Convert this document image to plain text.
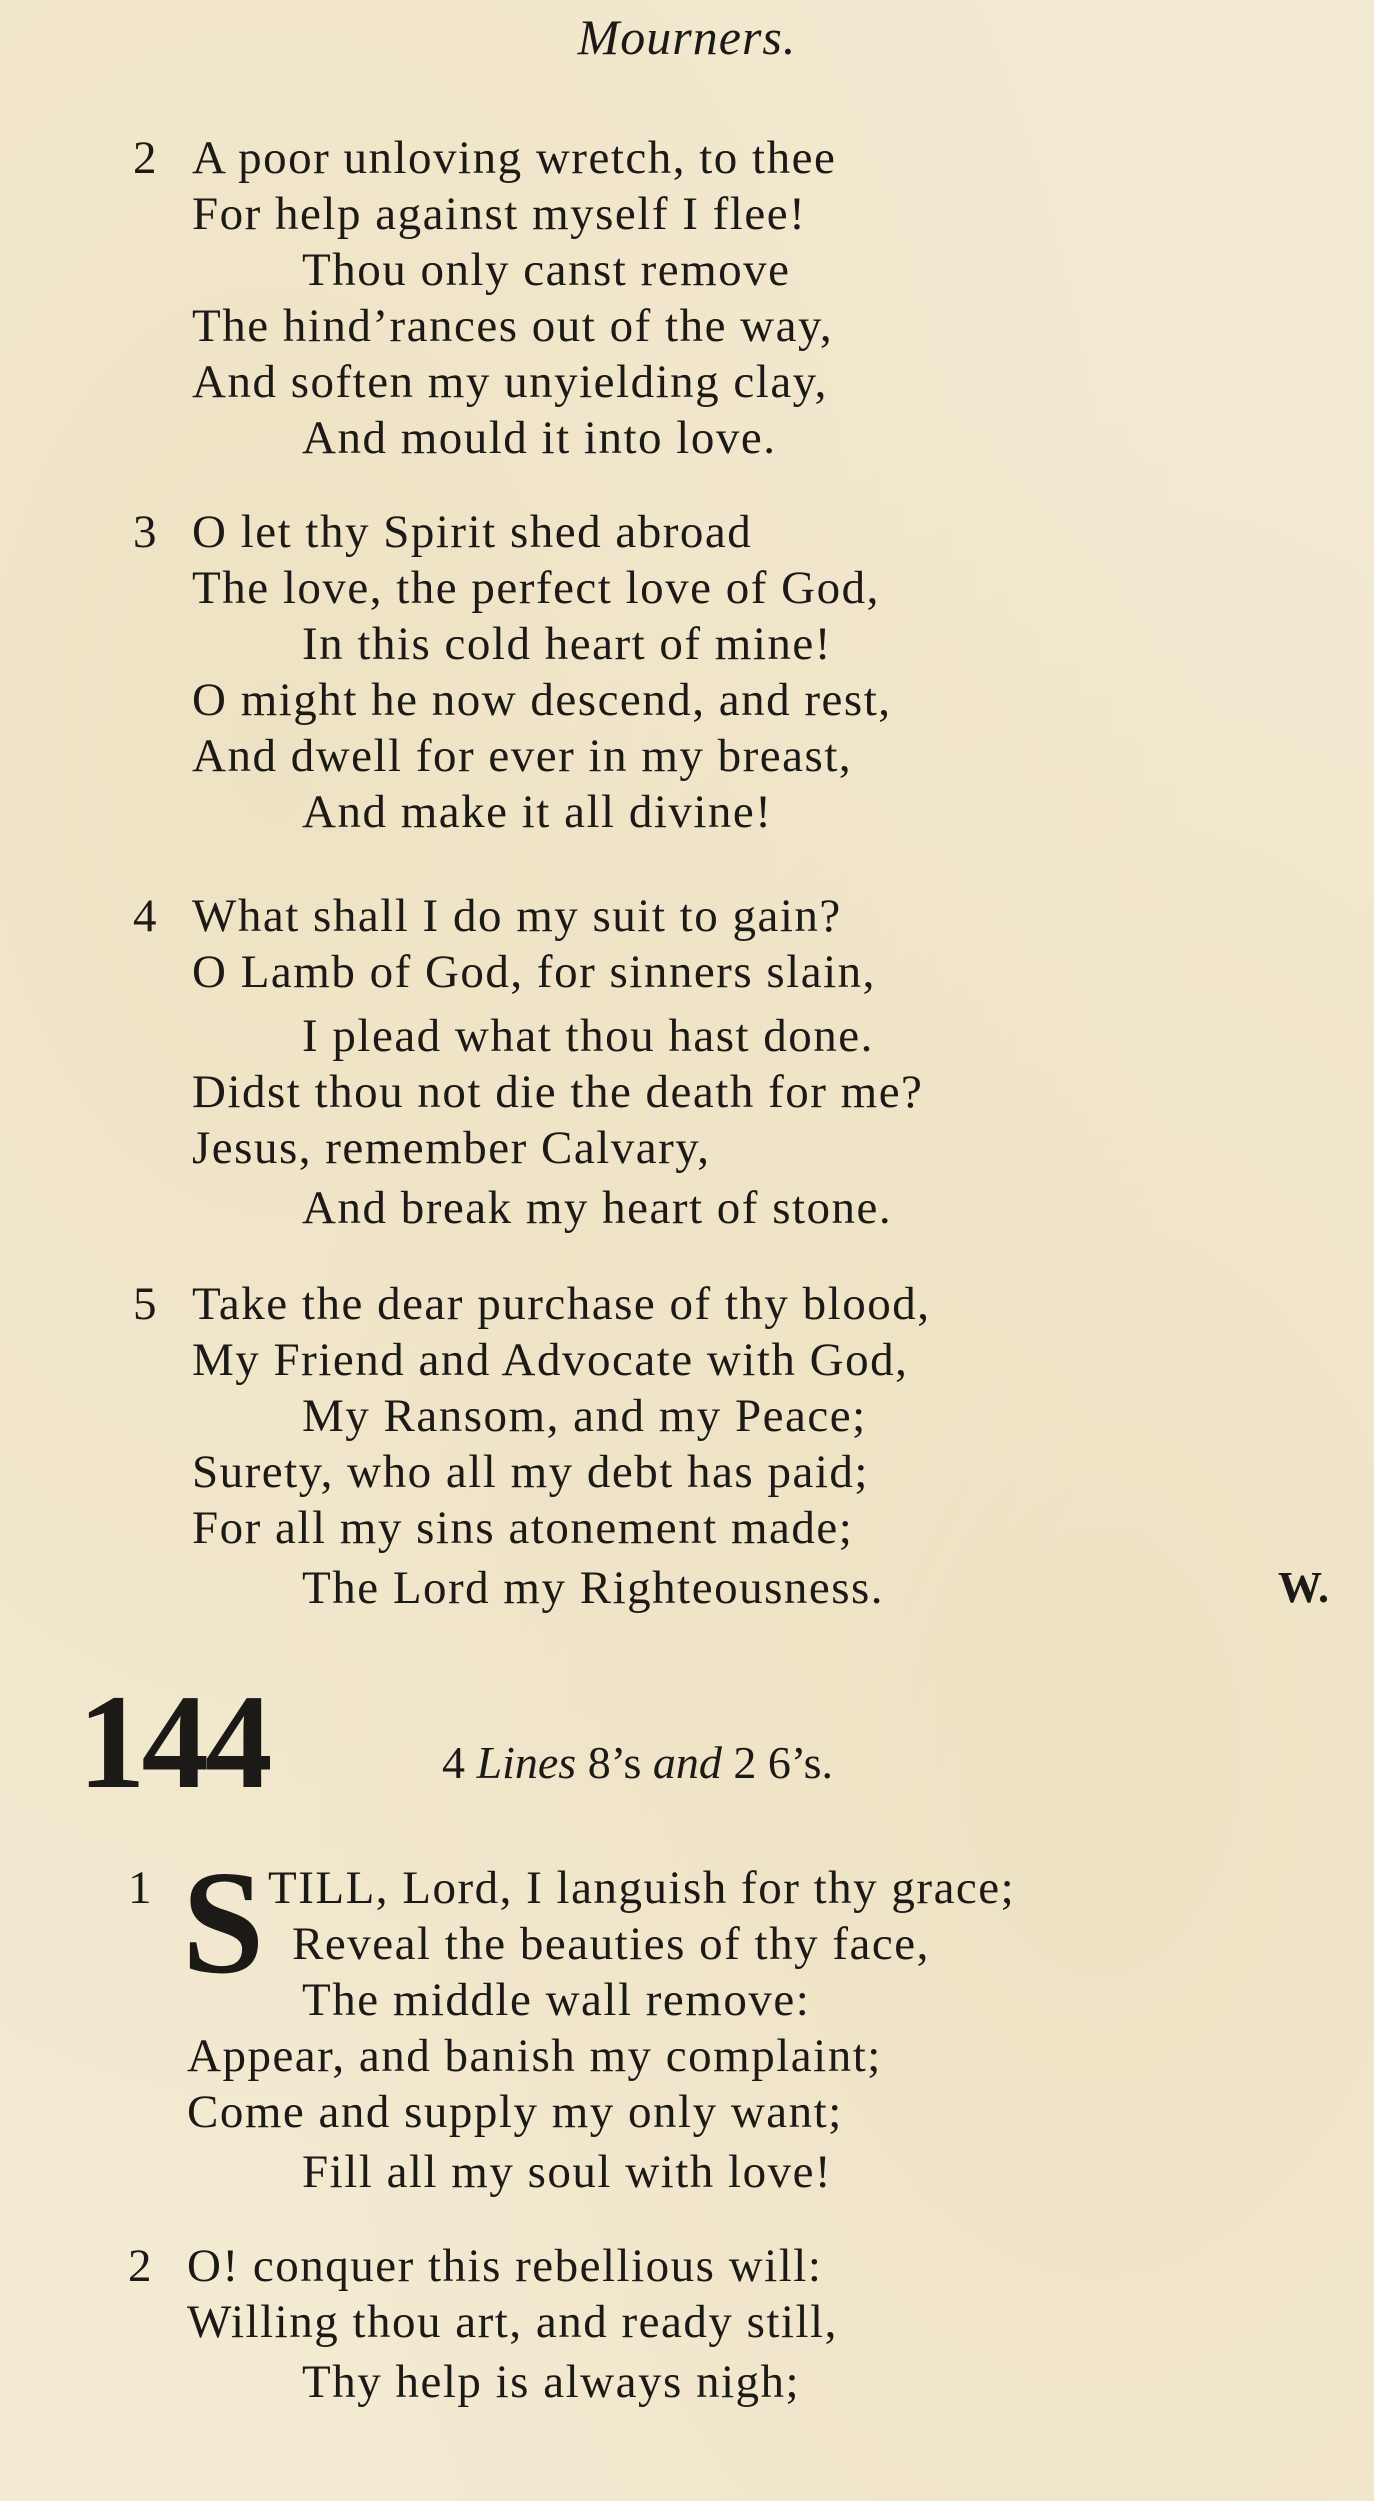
Mourners.
2 A poor unloving wretch, to thee
For help against myself I flee!
Thou only canst remove
The hind’rances out of the way,
And soften my unyielding clay,
And mould it into love.
3 O let thy Spirit shed abroad
The love, the perfect love of God,
In this cold heart of mine!
O might he now descend, and rest,
And dwell for ever in my breast,
And make it all divine!
4 What shall I do my suit to gain?
O Lamb of God, for sinners slain,
I plead what thou hast done.
Didst thou not die the death for me?
Jesus, remember Calvary,
And break my heart of stone.
5 Take the dear purchase of thy blood,
My Friend and Advocate with God,
My Ransom, and my Peace;
Surety, who all my debt has paid;
For all my sins atonement made;
The Lord my Righteousness.	W.
144	4 Lines 8’s and 2 6’s.
1 S TILL, Lord, I languish for thy grace;
Reveal the beauties of thy face,
The middle wall remove:
Appear, and banish my complaint;
Come and supply my only want;
Fill all my soul with love!
2 O! conquer this rebellious will:
Willing thou art, and ready still,
Thy help is always nigh;
